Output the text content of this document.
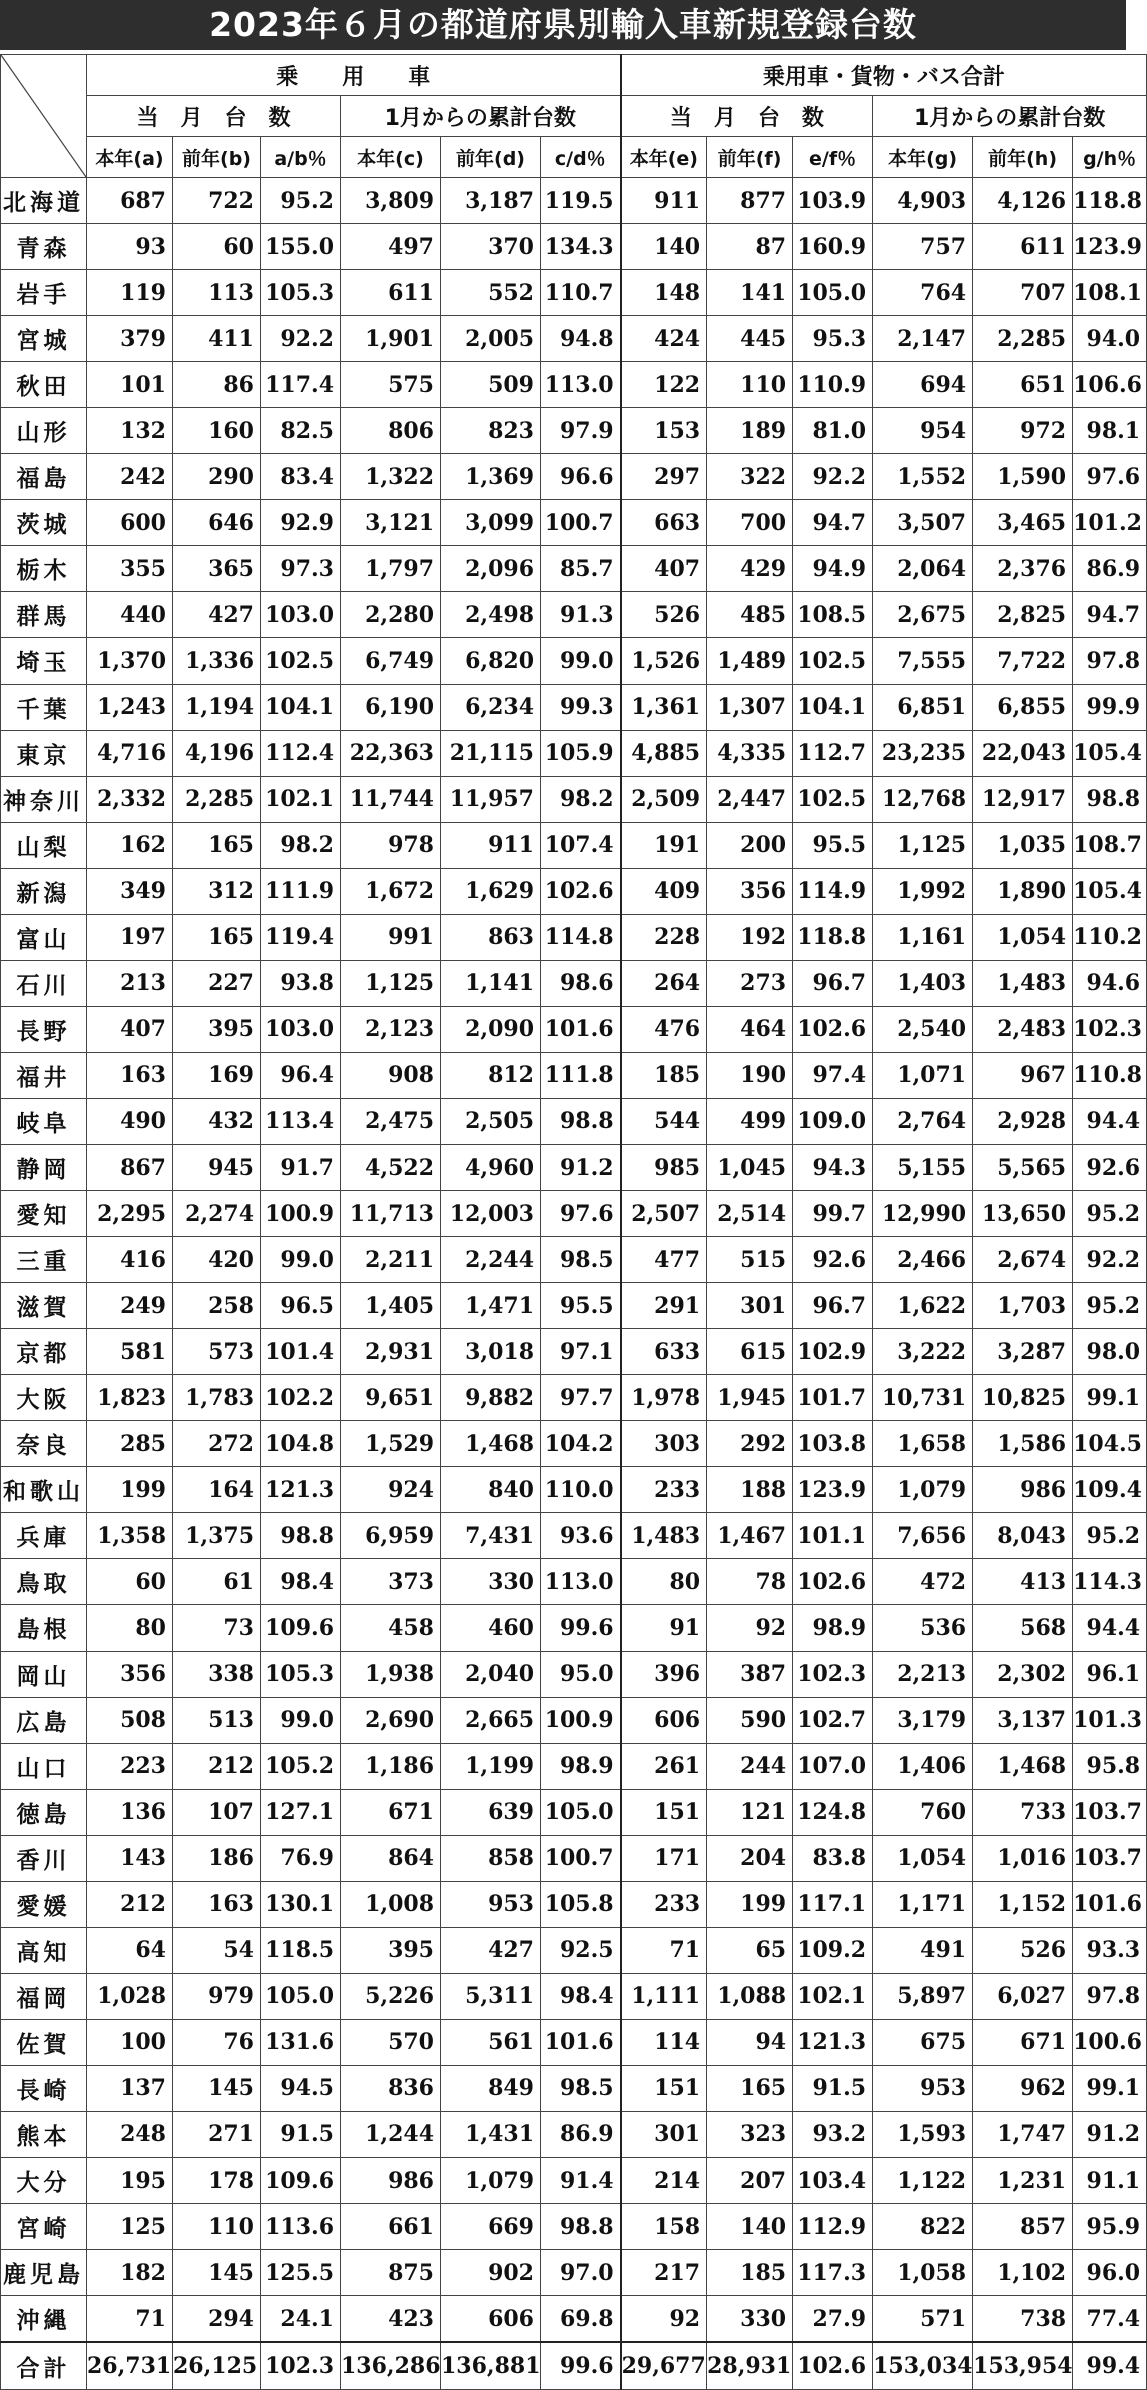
2023年６月の都道府県別輸入車新規登録台数
	乗　　用　　車						乗用車・貨物・バス合計					
	当　月　台　数			1月からの累計台数			当　月　台　数			1月からの累計台数		
	本年(a)	前年(b)	a/b％	本年(c)	前年(d)	c/d％	本年(e)	前年(f)	e/f％	本年(g)	前年(h)	g/h％
北海道	687	722	95.2	3,809	3,187	119.5	911	877	103.9	4,903	4,126	118.8
青森	93	60	155.0	497	370	134.3	140	87	160.9	757	611	123.9
岩手	119	113	105.3	611	552	110.7	148	141	105.0	764	707	108.1
宮城	379	411	92.2	1,901	2,005	94.8	424	445	95.3	2,147	2,285	94.0
秋田	101	86	117.4	575	509	113.0	122	110	110.9	694	651	106.6
山形	132	160	82.5	806	823	97.9	153	189	81.0	954	972	98.1
福島	242	290	83.4	1,322	1,369	96.6	297	322	92.2	1,552	1,590	97.6
茨城	600	646	92.9	3,121	3,099	100.7	663	700	94.7	3,507	3,465	101.2
栃木	355	365	97.3	1,797	2,096	85.7	407	429	94.9	2,064	2,376	86.9
群馬	440	427	103.0	2,280	2,498	91.3	526	485	108.5	2,675	2,825	94.7
埼玉	1,370	1,336	102.5	6,749	6,820	99.0	1,526	1,489	102.5	7,555	7,722	97.8
千葉	1,243	1,194	104.1	6,190	6,234	99.3	1,361	1,307	104.1	6,851	6,855	99.9
東京	4,716	4,196	112.4	22,363	21,115	105.9	4,885	4,335	112.7	23,235	22,043	105.4
神奈川	2,332	2,285	102.1	11,744	11,957	98.2	2,509	2,447	102.5	12,768	12,917	98.8
山梨	162	165	98.2	978	911	107.4	191	200	95.5	1,125	1,035	108.7
新潟	349	312	111.9	1,672	1,629	102.6	409	356	114.9	1,992	1,890	105.4
富山	197	165	119.4	991	863	114.8	228	192	118.8	1,161	1,054	110.2
石川	213	227	93.8	1,125	1,141	98.6	264	273	96.7	1,403	1,483	94.6
長野	407	395	103.0	2,123	2,090	101.6	476	464	102.6	2,540	2,483	102.3
福井	163	169	96.4	908	812	111.8	185	190	97.4	1,071	967	110.8
岐阜	490	432	113.4	2,475	2,505	98.8	544	499	109.0	2,764	2,928	94.4
静岡	867	945	91.7	4,522	4,960	91.2	985	1,045	94.3	5,155	5,565	92.6
愛知	2,295	2,274	100.9	11,713	12,003	97.6	2,507	2,514	99.7	12,990	13,650	95.2
三重	416	420	99.0	2,211	2,244	98.5	477	515	92.6	2,466	2,674	92.2
滋賀	249	258	96.5	1,405	1,471	95.5	291	301	96.7	1,622	1,703	95.2
京都	581	573	101.4	2,931	3,018	97.1	633	615	102.9	3,222	3,287	98.0
大阪	1,823	1,783	102.2	9,651	9,882	97.7	1,978	1,945	101.7	10,731	10,825	99.1
奈良	285	272	104.8	1,529	1,468	104.2	303	292	103.8	1,658	1,586	104.5
和歌山	199	164	121.3	924	840	110.0	233	188	123.9	1,079	986	109.4
兵庫	1,358	1,375	98.8	6,959	7,431	93.6	1,483	1,467	101.1	7,656	8,043	95.2
鳥取	60	61	98.4	373	330	113.0	80	78	102.6	472	413	114.3
島根	80	73	109.6	458	460	99.6	91	92	98.9	536	568	94.4
岡山	356	338	105.3	1,938	2,040	95.0	396	387	102.3	2,213	2,302	96.1
広島	508	513	99.0	2,690	2,665	100.9	606	590	102.7	3,179	3,137	101.3
山口	223	212	105.2	1,186	1,199	98.9	261	244	107.0	1,406	1,468	95.8
徳島	136	107	127.1	671	639	105.0	151	121	124.8	760	733	103.7
香川	143	186	76.9	864	858	100.7	171	204	83.8	1,054	1,016	103.7
愛媛	212	163	130.1	1,008	953	105.8	233	199	117.1	1,171	1,152	101.6
高知	64	54	118.5	395	427	92.5	71	65	109.2	491	526	93.3
福岡	1,028	979	105.0	5,226	5,311	98.4	1,111	1,088	102.1	5,897	6,027	97.8
佐賀	100	76	131.6	570	561	101.6	114	94	121.3	675	671	100.6
長崎	137	145	94.5	836	849	98.5	151	165	91.5	953	962	99.1
熊本	248	271	91.5	1,244	1,431	86.9	301	323	93.2	1,593	1,747	91.2
大分	195	178	109.6	986	1,079	91.4	214	207	103.4	1,122	1,231	91.1
宮崎	125	110	113.6	661	669	98.8	158	140	112.9	822	857	95.9
鹿児島	182	145	125.5	875	902	97.0	217	185	117.3	1,058	1,102	96.0
沖縄	71	294	24.1	423	606	69.8	92	330	27.9	571	738	77.4
合計	26,731	26,125	102.3	136,286	136,881	99.6	29,677	28,931	102.6	153,034	153,954	99.4
